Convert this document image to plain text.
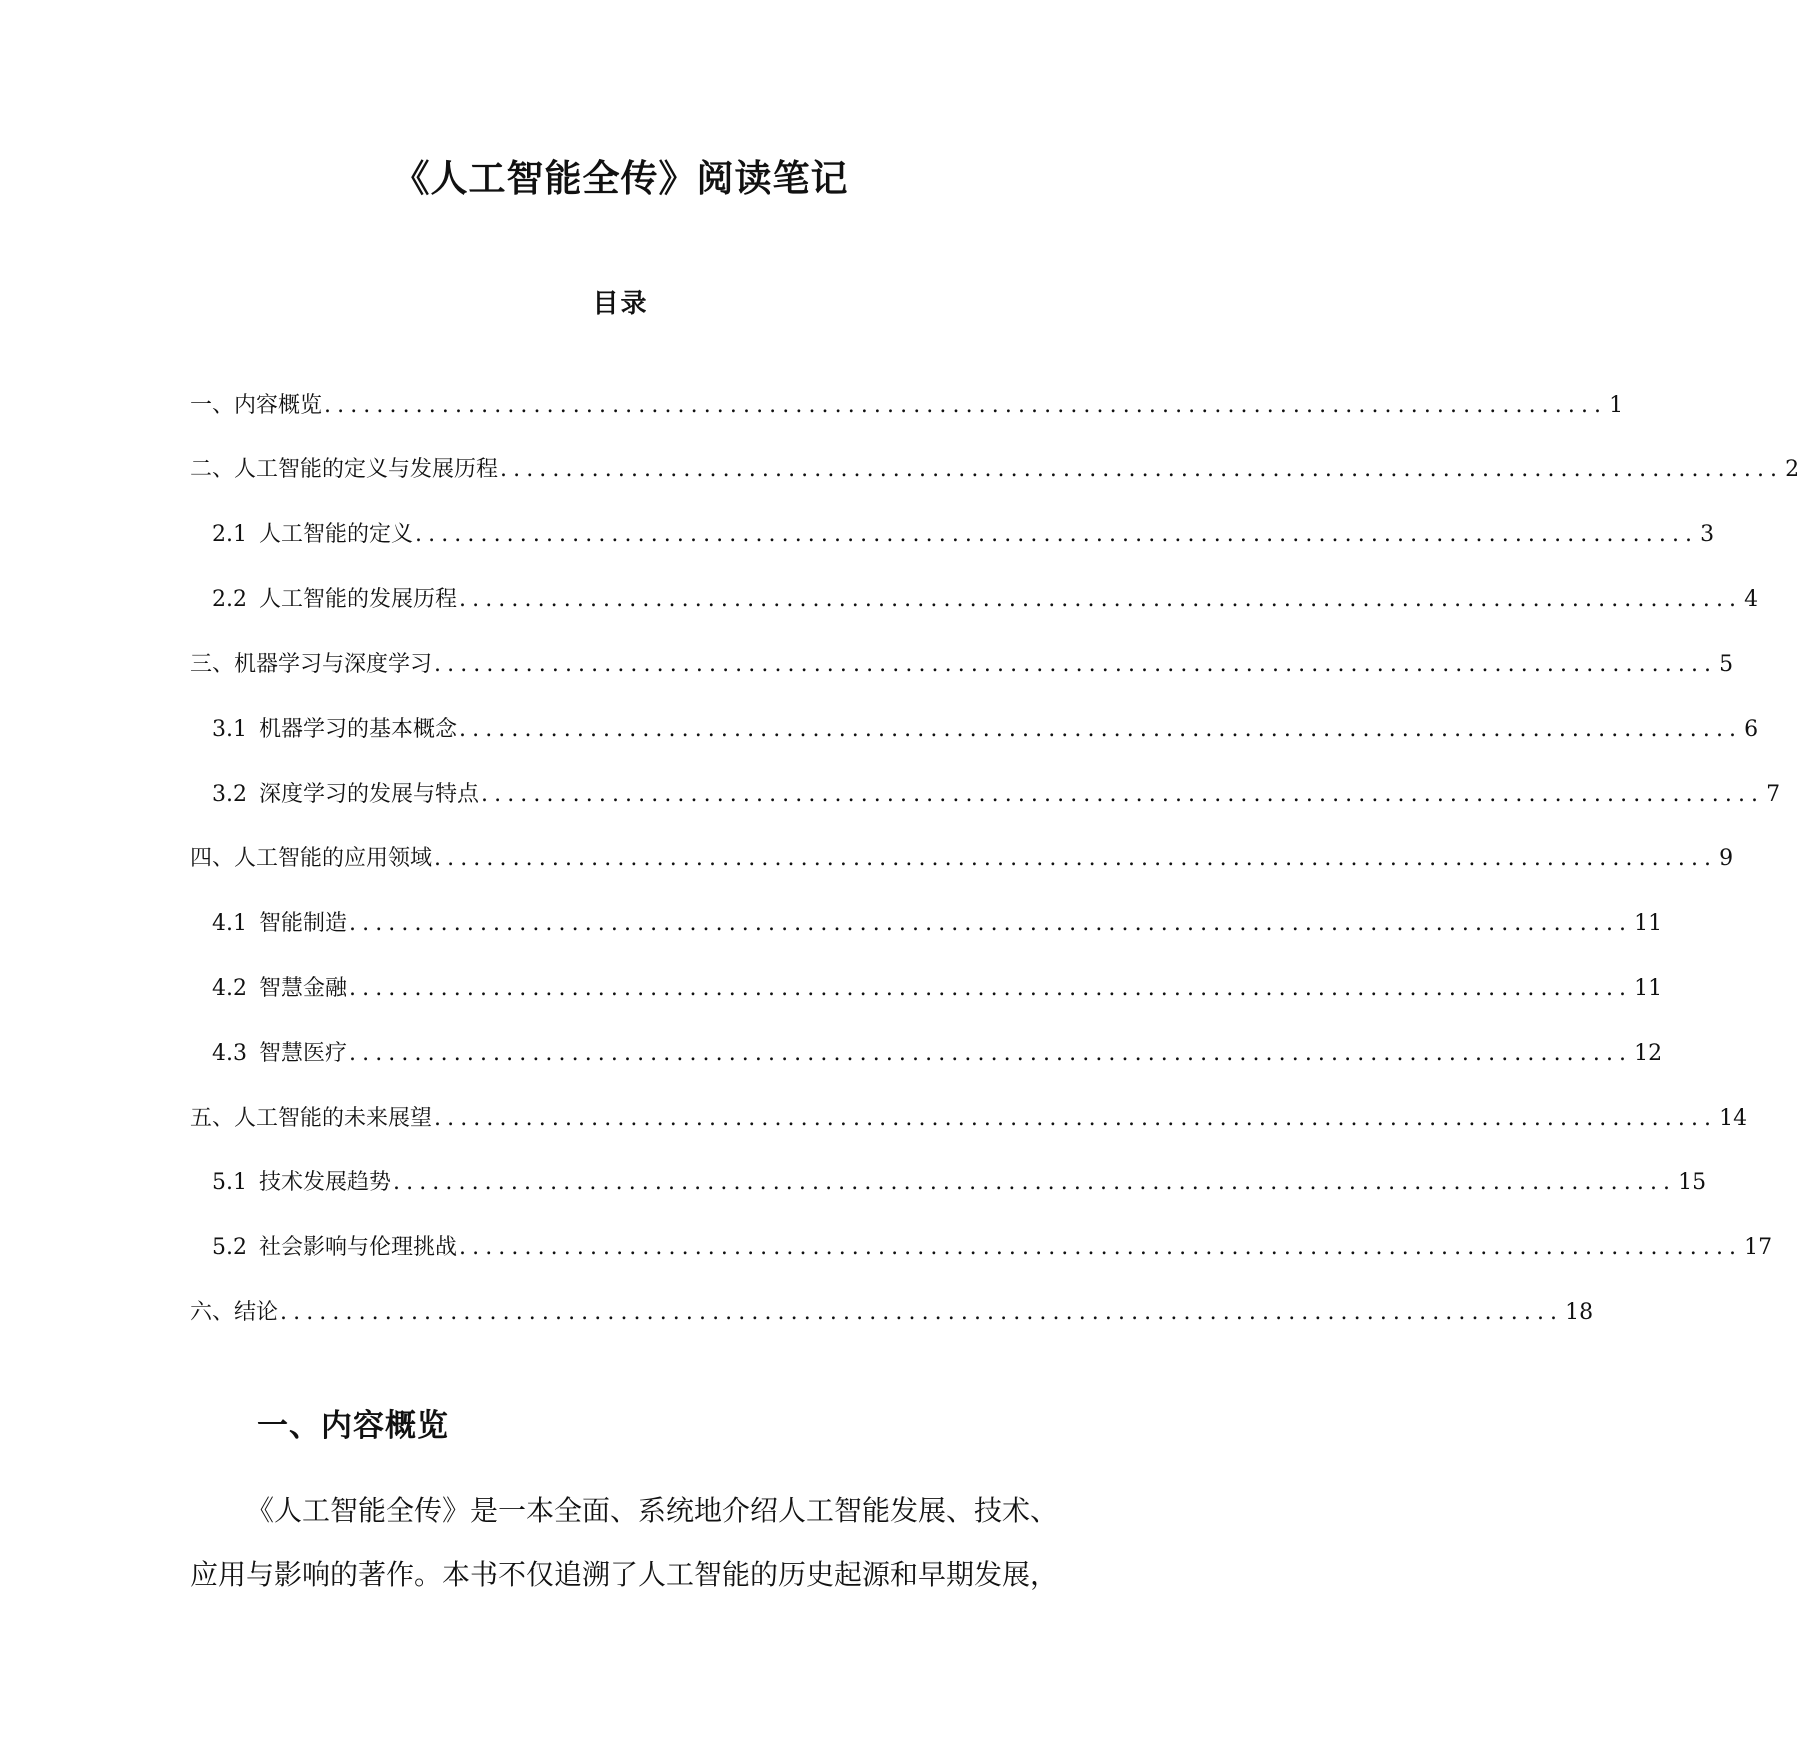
《人工智能全传》阅读笔记
目录
一、内容概览 .................................................................................................. 1
二、人工智能的定义与发展历程 .................................................................................................. 2
2.1 人工智能的定义 .................................................................................................. 3
2.2 人工智能的发展历程 .................................................................................................. 4
三、机器学习与深度学习 .................................................................................................. 5
3.1 机器学习的基本概念 .................................................................................................. 6
3.2 深度学习的发展与特点 .................................................................................................. 7
四、人工智能的应用领域 .................................................................................................. 9
4.1 智能制造 .................................................................................................. 11
4.2 智慧金融 .................................................................................................. 11
4.3 智慧医疗 .................................................................................................. 12
五、人工智能的未来展望 .................................................................................................. 14
5.1 技术发展趋势 .................................................................................................. 15
5.2 社会影响与伦理挑战 .................................................................................................. 17
六、结论 .................................................................................................. 18
一、内容概览
《人工智能全传》是一本全面、系统地介绍人工智能发展、技术、
应用与影响的著作。本书不仅追溯了人工智能的历史起源和早期发展，
